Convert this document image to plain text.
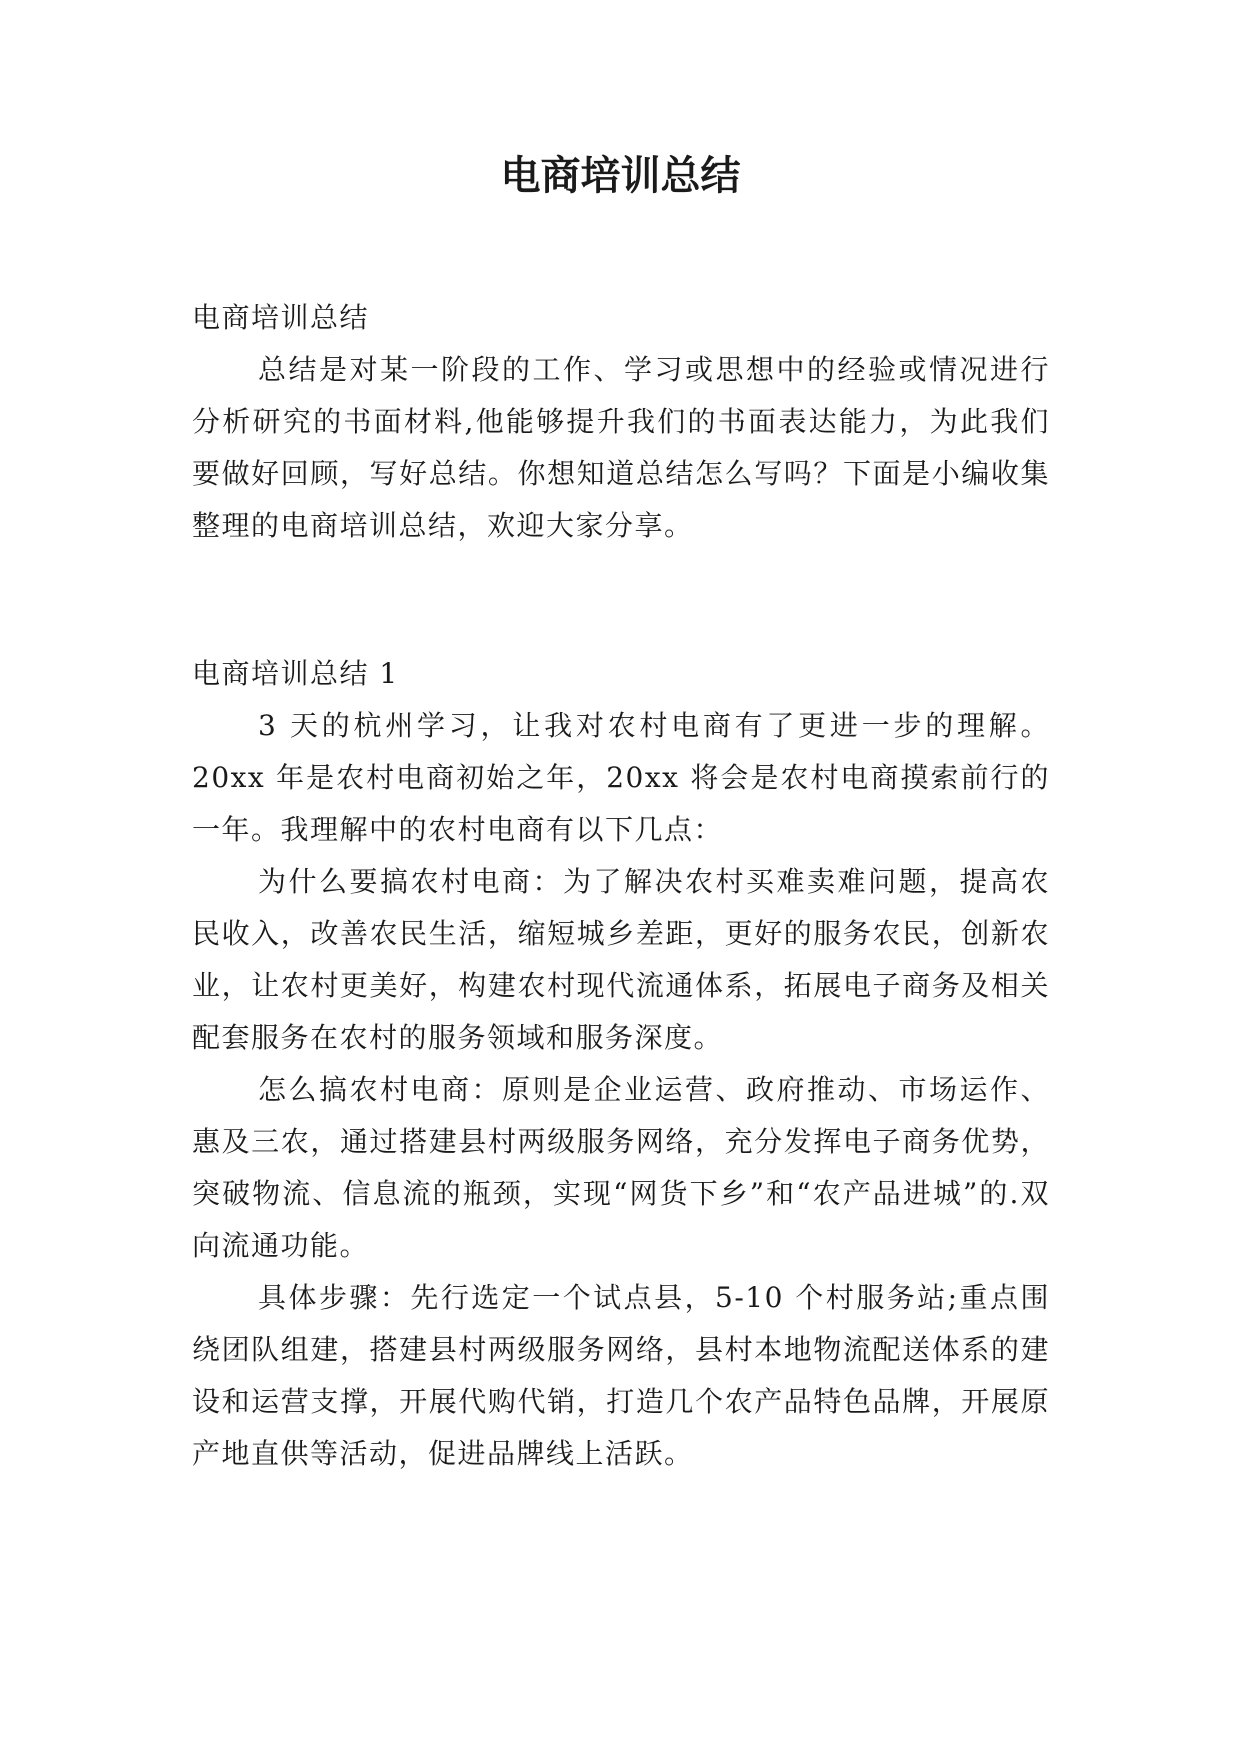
电商培训总结

电商培训总结

总结是对某一阶段的工作、学习或思想中的经验或情况进行分析研究的书面材料,他能够提升我们的书面表达能力，为此我们要做好回顾，写好总结。你想知道总结怎么写吗？下面是小编收集整理的电商培训总结，欢迎大家分享。

电商培训总结 1

3 天的杭州学习，让我对农村电商有了更进一步的理解。20xx 年是农村电商初始之年，20xx 将会是农村电商摸索前行的一年。我理解中的农村电商有以下几点：

为什么要搞农村电商：为了解决农村买难卖难问题，提高农民收入，改善农民生活，缩短城乡差距，更好的服务农民，创新农业，让农村更美好，构建农村现代流通体系，拓展电子商务及相关配套服务在农村的服务领域和服务深度。

怎么搞农村电商：原则是企业运营、政府推动、市场运作、惠及三农，通过搭建县村两级服务网络，充分发挥电子商务优势，突破物流、信息流的瓶颈，实现“网货下乡”和“农产品进城”的.双向流通功能。

具体步骤：先行选定一个试点县，5-10 个村服务站;重点围绕团队组建，搭建县村两级服务网络，县村本地物流配送体系的建设和运营支撑，开展代购代销，打造几个农产品特色品牌，开展原产地直供等活动，促进品牌线上活跃。
